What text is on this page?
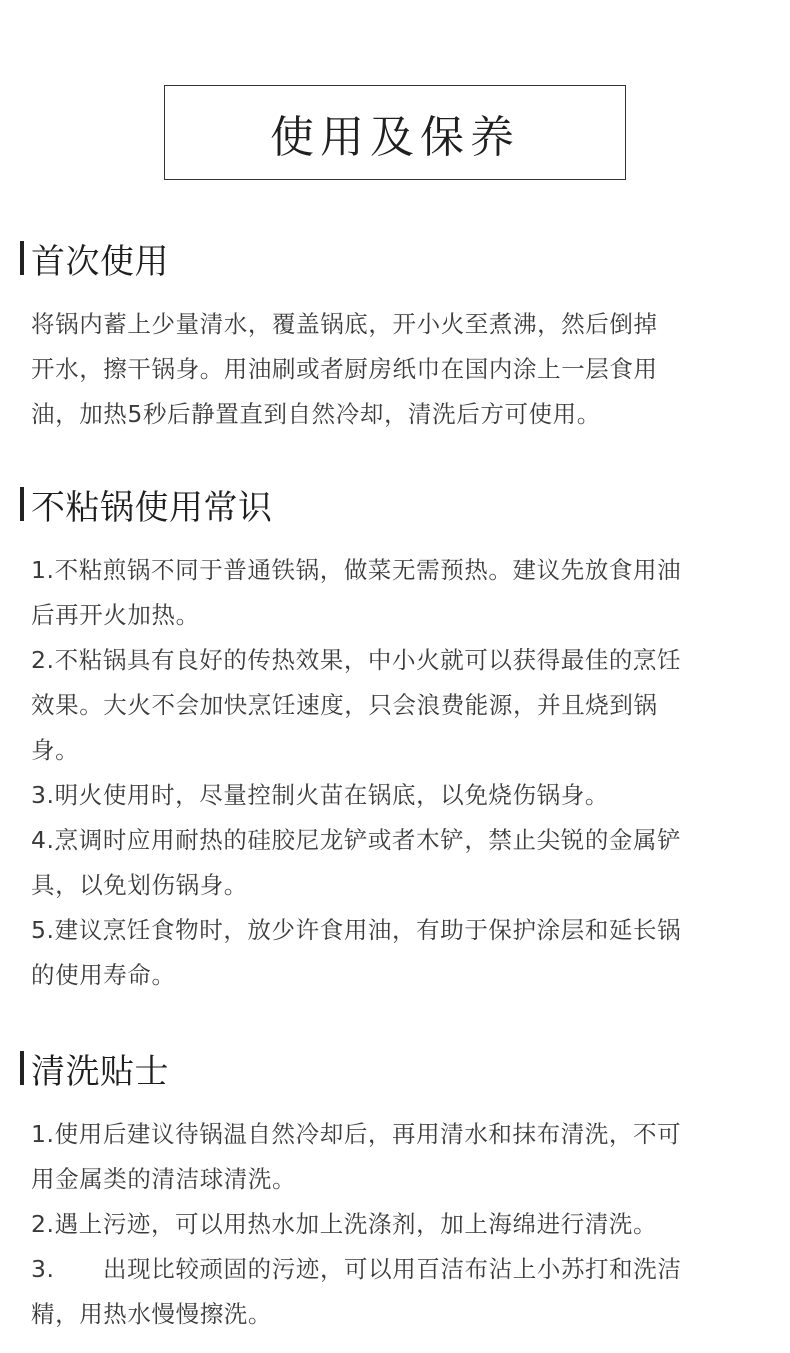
使用及保养
首次使用
将锅内蓄上少量清水，覆盖锅底，开小火至煮沸，然后倒掉
开水，擦干锅身。用油刷或者厨房纸巾在国内涂上一层食用
油，加热5秒后静置直到自然冷却，清洗后方可使用。
不粘锅使用常识
1.不粘煎锅不同于普通铁锅，做菜无需预热。建议先放食用油
后再开火加热。
2.不粘锅具有良好的传热效果，中小火就可以获得最佳的烹饪
效果。大火不会加快烹饪速度，只会浪费能源，并且烧到锅
身。
3.明火使用时，尽量控制火苗在锅底，以免烧伤锅身。
4.烹调时应用耐热的硅胶尼龙铲或者木铲，禁止尖锐的金属铲
具，以免划伤锅身。
5.建议烹饪食物时，放少许食用油，有助于保护涂层和延长锅
的使用寿命。
清洗贴士
1.使用后建议待锅温自然冷却后，再用清水和抹布清洗，不可
用金属类的清洁球清洗。
2.遇上污迹，可以用热水加上洗涤剂，加上海绵进行清洗。
3.      出现比较顽固的污迹，可以用百洁布沾上小苏打和洗洁
精，用热水慢慢擦洗。
